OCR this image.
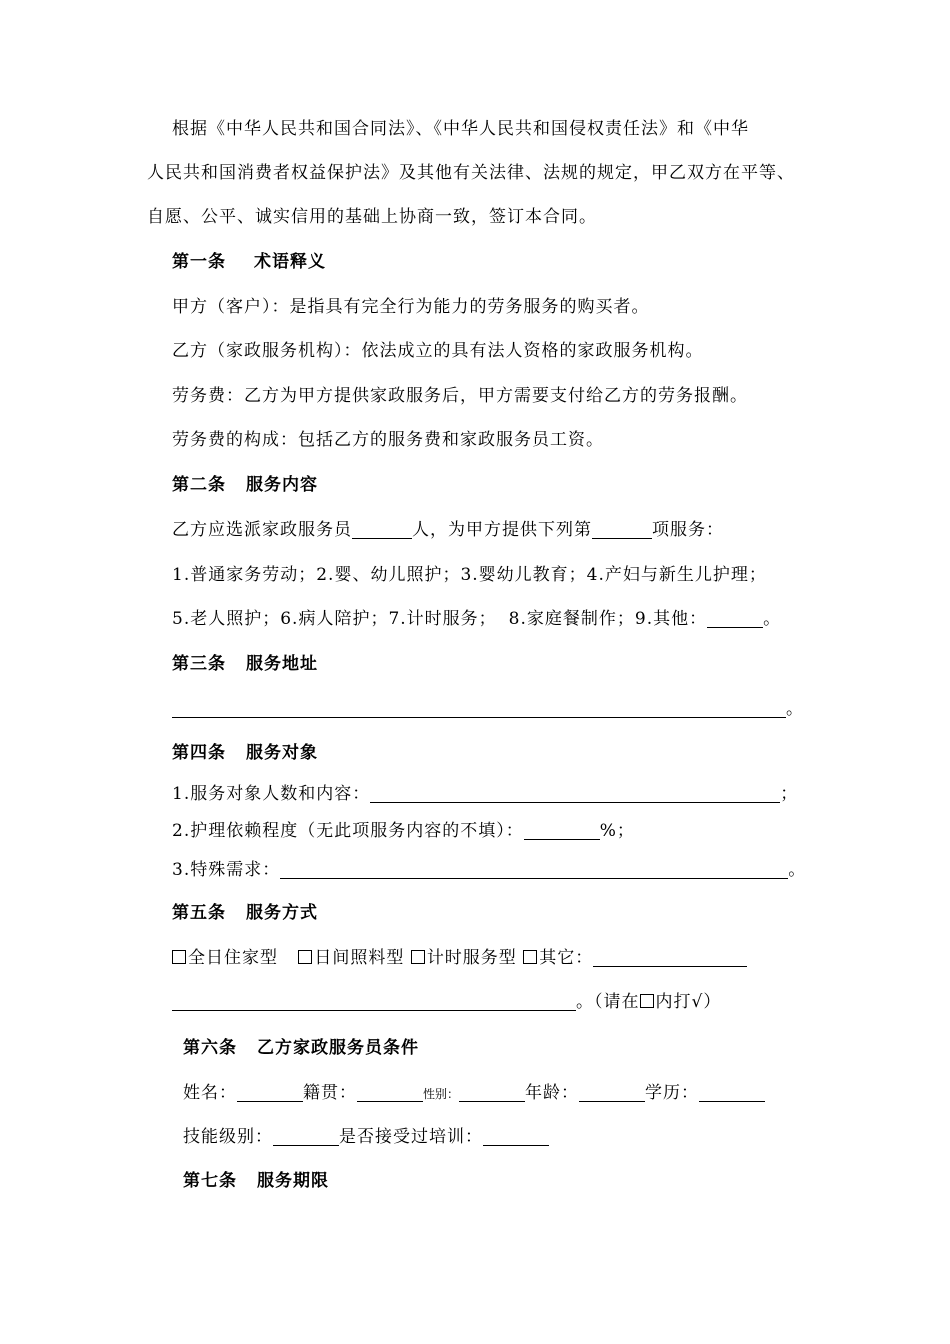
根据《中华人民共和国合同法》、《中华人民共和国侵权责任法》和《中华
人民共和国消费者权益保护法》及其他有关法律、法规的规定，甲乙双方在平等、
自愿、公平、诚实信用的基础上协商一致，签订本合同。
第一条 术语释义
甲方（客户）：是指具有完全行为能力的劳务服务的购买者。
乙方（家政服务机构）：依法成立的具有法人资格的家政服务机构。
劳务费：乙方为甲方提供家政服务后，甲方需要支付给乙方的劳务报酬。
劳务费的构成：包括乙方的服务费和家政服务员工资。
第二条 服务内容
乙方应选派家政服务员	人，为甲方提供下列第	项服务：
1.普通家务劳动；2.婴、幼儿照护；3.婴幼儿教育；4.产妇与新生儿护理；
5.老人照护；6.病人陪护；7.计时服务； 8.家庭餐制作；9.其他：	。
第三条 服务地址
。
第四条 服务对象
1.服务对象人数和内容：	；
2.护理依赖程度（无此项服务内容的不填）：	%；
3.特殊需求：	。
第五条 服务方式
全日住家型 日间照料型 计时服务型 其它：
。（请在 内打√）
第六条 乙方家政服务员条件
姓名：	籍贯：	性别：	年龄：	学历：
技能级别：	是否接受过培训：
第七条 服务期限
